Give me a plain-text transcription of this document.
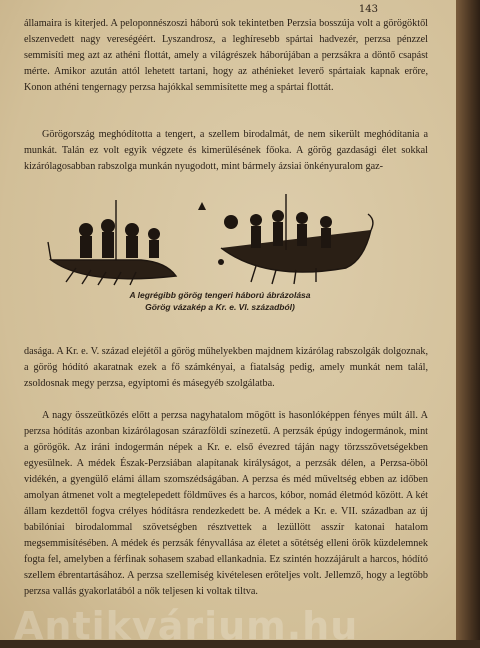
143

államaira is kiterjed. A peloponnészoszi háború sok tekintetben Perzsia bosszúja volt a görögöktől elszenvedett nagy vereségéért. Lyszandrosz, a leghíresebb spártai hadvezér, perzsa pénzzel semmisíti meg azt az athéni flottát, amely a világrészek háborújában a perzsákra a döntő csapást mérte. Amikor azután attól lehetett tartani, hogy az athénieket leverő spártaiak kapnak erőre, Konon athéni tengernagy perzsa hajókkal semmisítette meg a spártai flottát.

Görögország meghódította a tengert, a szellem birodalmát, de nem sikerült meghódítania a munkát. Talán ez volt egyik végzete és kimerülésének főoka. A görög gazdasági élet sokkal kizárólagosabban rabszolga munkán nyugodott, mint bármely ázsiai önkényuralom gaz-

A legrégibb görög tengeri háború ábrázolása
Görög vázakép a Kr. e. VI. századból)

dasága. A Kr. e. V. század elejétől a görög műhelyekben majdnem kizárólag rabszolgák dolgoznak, a görög hódító akaratnak ezek a fő számkényai, a fiatalság pedig, amely munkát nem talál, zsoldosnak megy perzsa, egyiptomi és másegyéb szolgálatba.

A nagy összeütközés előtt a perzsa nagyhatalom mögött is hasonlóképpen fényes múlt áll. A perzsa hódítás azonban kizárólagosan szárazföldi színezetű. A perzsák épúgy indogermánok, mint a görögök. Az iráni indogermán népek a Kr. e. első évezred táján nagy törzsszövetségekben egyesülnek. A médek Észak-Perzsiában alapítanak királyságot, a perzsák délen, a Perzsa-öböl vidékén, a gyengülő elámi állam szomszédságában. A perzsa és méd műveltség ebben az időben amolyan átmenet volt a megtelepedett földműves és a harcos, kóbor, nomád életmód között. A két állam kezdettől fogva crélyes hódításra rendezkedett be. A médek a Kr. e. VII. században az új babilóniai birodalommal szövetségben résztvettek a lezüllött asszír katonai hatalom megsemmisítésében. A médek és perzsák fényvallása az életet a sötétség elleni örök küzdelemnek fogta fel, amelyben a férfinak sohasem szabad ellankadnia. Ez szintén hozzájárult a harcos, hódító szellem ébrentartásához. A perzsa szellemiség kivételesen erőteljes volt. Jellemző, hogy a legtöbb perzsa vallás gyakorlatából a nők teljesen ki voltak tiltva.

Antikvárium.hu
